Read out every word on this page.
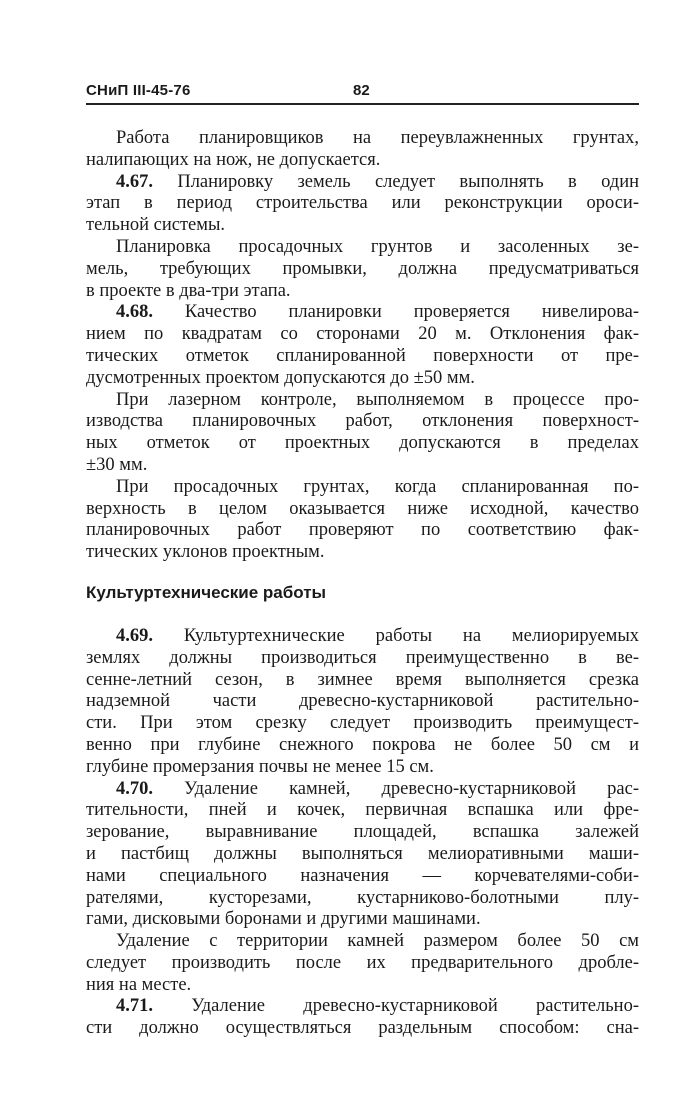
СНиП III-45-76	82
Работа планировщиков на переувлажненных грунтах,
налипающих на нож, не допускается.
4.67. Планировку земель следует выполнять в один
этап в период строительства или реконструкции ороси-
тельной системы.
Планировка просадочных грунтов и засоленных зе-
мель, требующих промывки, должна предусматриваться
в проекте в два-три этапа.
4.68. Качество планировки проверяется нивелирова-
нием по квадратам со сторонами 20 м. Отклонения фак-
тических отметок спланированной поверхности от пре-
дусмотренных проектом допускаются до ±50 мм.
При лазерном контроле, выполняемом в процессе про-
изводства планировочных работ, отклонения поверхност-
ных отметок от проектных допускаются в пределах
±30 мм.
При просадочных грунтах, когда спланированная по-
верхность в целом оказывается ниже исходной, качество
планировочных работ проверяют по соответствию фак-
тических уклонов проектным.
Культуртехнические работы
4.69. Культуртехнические работы на мелиорируемых
землях должны производиться преимущественно в ве-
сенне-летний сезон, в зимнее время выполняется срезка
надземной части древесно-кустарниковой растительно-
сти. При этом срезку следует производить преимущест-
венно при глубине снежного покрова не более 50 см и
глубине промерзания почвы не менее 15 см.
4.70. Удаление камней, древесно-кустарниковой рас-
тительности, пней и кочек, первичная вспашка или фре-
зерование, выравнивание площадей, вспашка залежей
и пастбищ должны выполняться мелиоративными маши-
нами специального назначения — корчевателями-соби-
рателями, кусторезами, кустарниково-болотными плу-
гами, дисковыми боронами и другими машинами.
Удаление с территории камней размером более 50 см
следует производить после их предварительного дробле-
ния на месте.
4.71. Удаление древесно-кустарниковой растительно-
сти должно осуществляться раздельным способом: сна-
